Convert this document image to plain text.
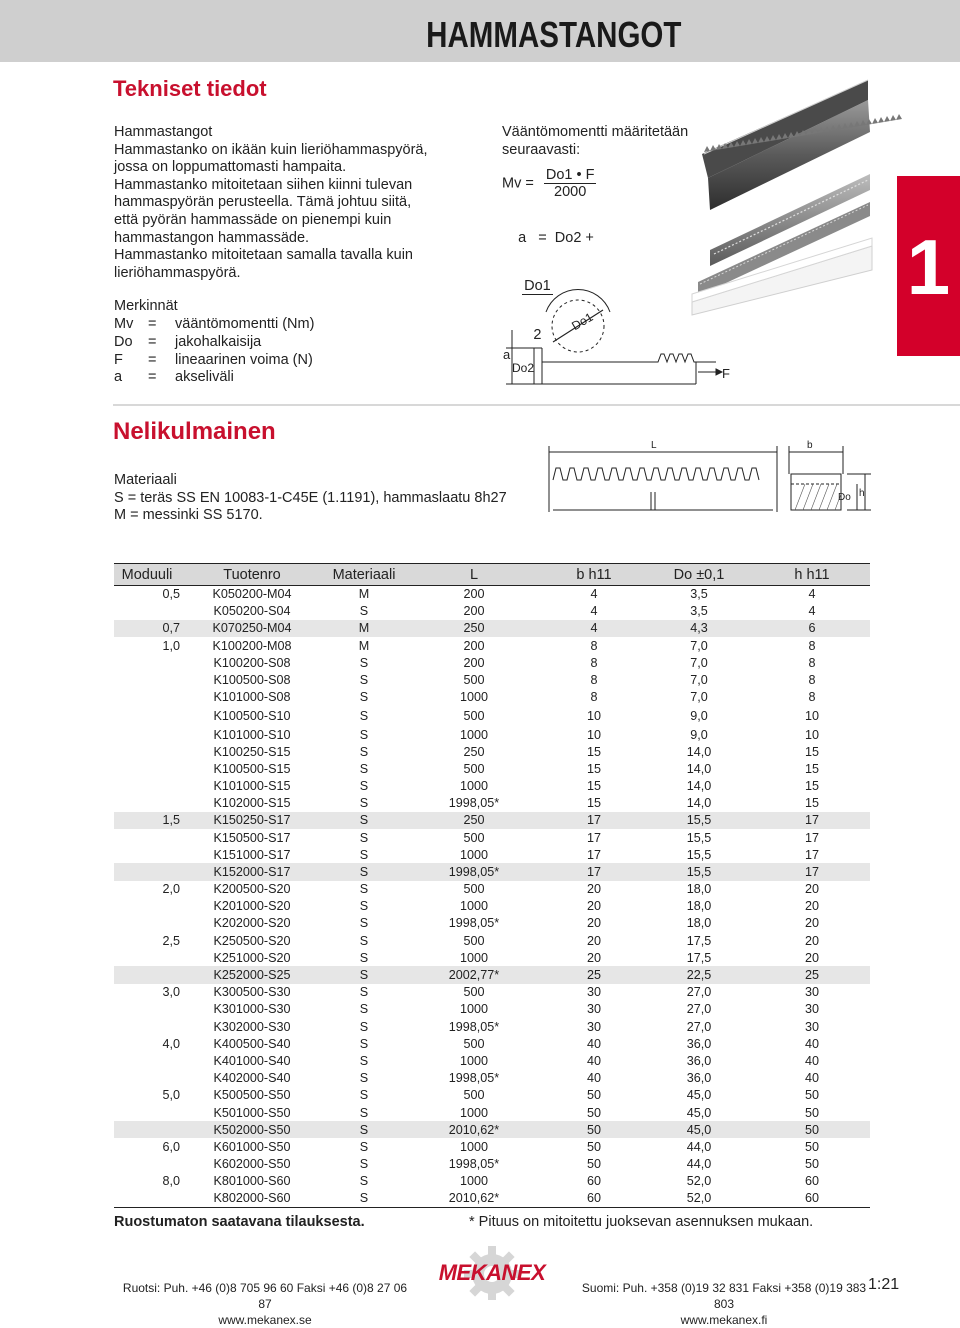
HAMMASTANGOT
Tekniset tiedot
Hammastangot
Hammastanko on ikään kuin lieriöhammaspyörä,
jossa on loppumattomasti hampaita.
Hammastanko mitoitetaan siihen kiinni tulevan
hammaspyörän perusteella. Tämä johtuu siitä,
että pyörän hammassäde on pienempi kuin
hammastangon hammassäde.
Hammastanko mitoitetaan samalla tavalla kuin
lieriöhammaspyörä.
Merkinnät
Mv	=	vääntömomentti (Nm)
Do	=	jakohalkaisija
F	=	lineaarinen voima (N)
a	=	akseliväli
Vääntömomentti määritetään
seuraavasti:
$Mv = \frac{Do1 • F}{2000}$

a   =  Do2 +

$\frac{Do1}{2}$

	1
a
Do2
Do1
F
Nelikulmainen
Materiaali
S = teräs SS EN 10083-1-C45E (1.1191), hammaslaatu 8h27
M = messinki SS 5170.
L	b
Do h
Moduuli	Tuotenro	Materiaali	L	b h11	Do ±0,1	h h11
0,5	K050200-M04	M	200	4	3,5	4
	K050200-S04	S	200	4	3,5	4
0,7	K070250-M04	M	250	4	4,3	6
1,0	K100200-M08	M	200	8	7,0	8
	K100200-S08	S	200	8	7,0	8
	K100500-S08	S	500	8	7,0	8
	K101000-S08	S	1000	8	7,0	8
	K100500-S10	S	500	10	9,0	10
	K101000-S10	S	1000	10	9,0	10
	K100250-S15	S	250	15	14,0	15
	K100500-S15	S	500	15	14,0	15
	K101000-S15	S	1000	15	14,0	15
	K102000-S15	S	1998,05*	15	14,0	15
1,5	K150250-S17	S	250	17	15,5	17
	K150500-S17	S	500	17	15,5	17
	K151000-S17	S	1000	17	15,5	17
	K152000-S17	S	1998,05*	17	15,5	17
2,0	K200500-S20	S	500	20	18,0	20
	K201000-S20	S	1000	20	18,0	20
	K202000-S20	S	1998,05*	20	18,0	20
2,5	K250500-S20	S	500	20	17,5	20
	K251000-S20	S	1000	20	17,5	20
	K252000-S25	S	2002,77*	25	22,5	25
3,0	K300500-S30	S	500	30	27,0	30
	K301000-S30	S	1000	30	27,0	30
	K302000-S30	S	1998,05*	30	27,0	30
4,0	K400500-S40	S	500	40	36,0	40
	K401000-S40	S	1000	40	36,0	40
	K402000-S40	S	1998,05*	40	36,0	40
5,0	K500500-S50	S	500	50	45,0	50
	K501000-S50	S	1000	50	45,0	50
	K502000-S50	S	2010,62*	50	45,0	50
6,0	K601000-S50	S	1000	50	44,0	50
	K602000-S50	S	1998,05*	50	44,0	50
8,0	K801000-S60	S	1000	60	52,0	60
	K802000-S60	S	2010,62*	60	52,0	60
Ruostumaton saatavana tilauksesta.	* Pituus on mitoitettu juoksevan asennuksen mukaan.
MEKANEX
Ruotsi: Puh. +46 (0)8 705 96 60 Faksi +46 (0)8 27 06 87
www.mekanex.se
Suomi: Puh. +358 (0)19 32 831 Faksi +358 (0)19 383 803
www.mekanex.fi
1:21
